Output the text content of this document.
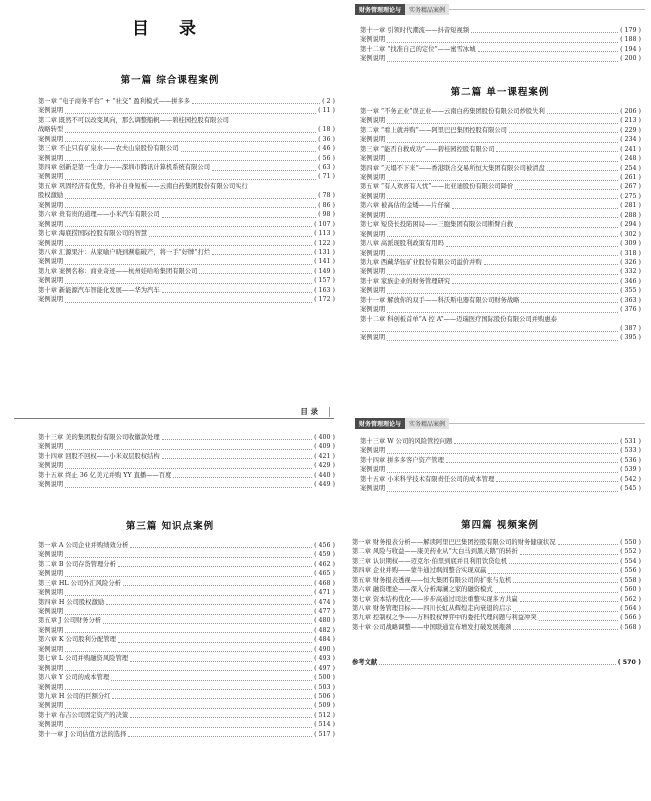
目 录
第一篇 综合课程案例
第一章 “电子商务平台” + “社交” 盈利模式——拼多多	( 2 )
案例说明	( 11 )
第二章 既然不可以改变风向，那么调整船帆——碧桂园控股有限公司
战略转型	( 18 )
案例说明	( 36 )
第三章 不止只有矿泉水——农夫山泉股份有限公司	( 46 )
案例说明	( 56 )
第四章 创新是第一生命力——深圳市腾讯计算机系统有限公司	( 63 )
案例说明	( 71 )
第五章 巩固经济有优势，你补自身短板——云南白药集团股份有限公司实行
股权激励	( 78 )
案例说明	( 86 )
第六章 贵有贵的道理——小米汽车有限公司	( 98 )
案例说明	( 107 )
第七章 海底捞国际控股有限公司的智慧	( 113 )
案例说明	( 122 )
第八章 汇源果汁：从家喻户晓到濒临破产，将一手“好牌”打烂	( 131 )
案例说明	( 141 )
第九章 案例名称：商业奇迹——杭州娃哈哈集团有限公司	( 149 )
案例说明	( 157 )
第十章 新能源汽车智能化发展——华为汽车	( 163 )
案例说明	( 172 )
目 录
第十三章 美的集团股份有限公司收徽款处理	( 400 )
案例说明	( 409 )
第十四章 回股不回权——小米双层股权结构	( 421 )
案例说明	( 429 )
第十五章 终止 36 亿美元并购 YY 直播——百度	( 440 )
案例说明	( 449 )
第三篇 知识点案例
第一章 A 公司企业并购绩效分析	( 456 )
案例说明	( 459 )
第二章 B 公司存货管理分析	( 462 )
案例说明	( 465 )
第三章 HL 公司外汇风险分析	( 468 )
案例说明	( 471 )
第四章 H 公司股权激励	( 474 )
案例说明	( 477 )
第五章 J 公司财务分析	( 480 )
案例说明	( 482 )
第六章 K 公司股利分配管理	( 484 )
案例说明	( 490 )
第七章 L 公司并购融资风险管理	( 493 )
案例说明	( 497 )
第八章 Y 公司的成本管理	( 500 )
案例说明	( 503 )
第九章 H 公司的巨额分红	( 506 )
案例说明	( 509 )
第十章 布吉公司固定资产的决策	( 512 )
案例说明	( 514 )
第十一章 J 公司估值方法的选择	( 517 )
财务管理理论与	实务精品案例
第十一章 引领时代潮流——抖音短视频	( 179 )
案例说明	( 188 )
第十二章 “找准自己的定位”——蜜雪冰城	( 194 )
案例说明	( 200 )
第二篇 单一课程案例
第一章 “不务正业”误正业——云南白药集团股份有限公司炒股失利	( 206 )
案例说明	( 213 )
第二章 “看上就并购”——阿里巴巴集团控股有限公司	( 229 )
案例说明	( 234 )
第三章 “能否自救成功”——碧桂园控股有限公司	( 241 )
案例说明	( 248 )
第四章 “天塌不下来”——香港联合交易所恒大集团有限公司被清盘	( 254 )
案例说明	( 261 )
第五章 “有人欢喜有人忧”——比亚迪股份有限公司降价	( 267 )
案例说明	( 275 )
第六章 被高估的金矮——片仔癀	( 281 )
案例说明	( 288 )
第七章 短贷长投陷困局——三胞集团有限公司断臂自救	( 294 )
案例说明	( 302 )
第八章 高派现股利政策有用吗	( 309 )
案例说明	( 318 )
第九章 西藏华钰矿业股份有限公司溢价并购	( 326 )
案例说明	( 332 )
第十章 家族企业的财务管理研究	( 346 )
案例说明	( 355 )
第十一章 解放你的双手——科沃斯电器有限公司财务战略	( 363 )
案例说明	( 376 )
第十二章 科创板首单“A 控 A”——迈瑞医疗国际股份有限公司并购惠泰
( 387 )
案例说明	( 395 )
财务管理理论与	实务精品案例
第十三章 W 公司的风险管控问题	( 531 )
案例说明	( 533 )
第十四章 拼多多客户资产管理	( 536 )
案例说明	( 539 )
第十五章 小米科学技术有限责任公司的成本管理	( 542 )
案例说明	( 545 )
第四篇 视频案例
第一章 财务报表分析——解读阿里巴巴集团控股有限公司的财务健康状况	( 550 )
第二章 风险与收益——康美药业从“大白马到黑天鹅”的转折	( 552 )
第三章 认识期权——迈克尔·伯里到底并且利用饮贷危机	( 554 )
第四章 企业并购——蒙牛通过飒间整合实现双赢	( 556 )
第五章 财务报表透视——恒大集团有限公司的扩张与危机	( 558 )
第六章 融资理论——深入分析海澜之家的融资模式	( 560 )
第七章 资本结构优化——步步高通过司法重整实现多方共赢	( 562 )
第八章 财务管理目标——四川长虹从辉煌走向衰退的启示	( 564 )
第九章 控制权之争——万科股权博弈中的委托代理问题与利益冲突	( 566 )
第十章 公司战略调整——中国联通宣布增发打破发展瓶颈	( 568 )
参考文献	( 570 )
